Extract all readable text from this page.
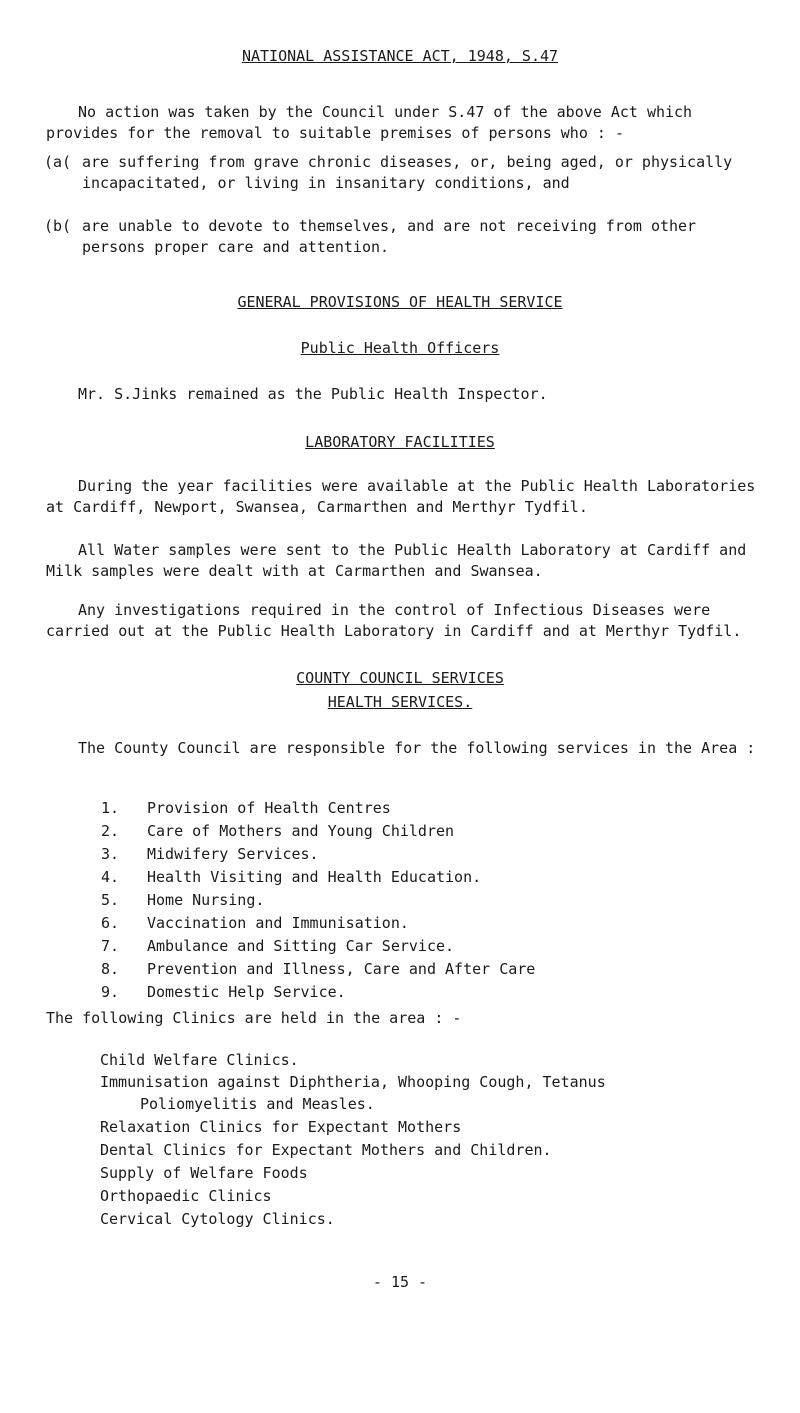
NATIONAL ASSISTANCE ACT, 1948, S.47

No action was taken by the Council under S.47 of the above Act which provides for the removal to suitable premises of persons who : -

(a( are suffering from grave chronic diseases, or, being aged, or physically incapacitated, or living in insanitary conditions, and
(b( are unable to devote to themselves, and are not receiving from other persons proper care and attention.
GENERAL PROVISIONS OF HEALTH SERVICE
Public Health Officers

Mr. S.Jinks remained as the Public Health Inspector.

LABORATORY FACILITIES

During the year facilities were available at the Public Health Laboratories at Cardiff, Newport, Swansea, Carmarthen and Merthyr Tydfil.

All Water samples were sent to the Public Health Laboratory at Cardiff and Milk samples were dealt with at Carmarthen and Swansea.

Any investigations required in the control of Infectious Diseases were carried out at the Public Health Laboratory in Cardiff and at Merthyr Tydfil.

COUNTY COUNCIL SERVICES
HEALTH SERVICES.

The County Council are responsible for the following services in the Area :

1.	Provision of Health Centres
2.	Care of Mothers and Young Children
3.	Midwifery Services.
4.	Health Visiting and Health Education.
5.	Home Nursing.
6.	Vaccination and Immunisation.
7.	Ambulance and Sitting Car Service.
8.	Prevention and Illness, Care and After Care
9.	Domestic Help Service.
The following Clinics are held in the area : -
Child Welfare Clinics.
Immunisation against Diphtheria, Whooping Cough, Tetanus
Poliomyelitis and Measles.
Relaxation Clinics for Expectant Mothers
Dental Clinics for Expectant Mothers and Children.
Supply of Welfare Foods
Orthopaedic Clinics
Cervical Cytology Clinics.
- 15 -
